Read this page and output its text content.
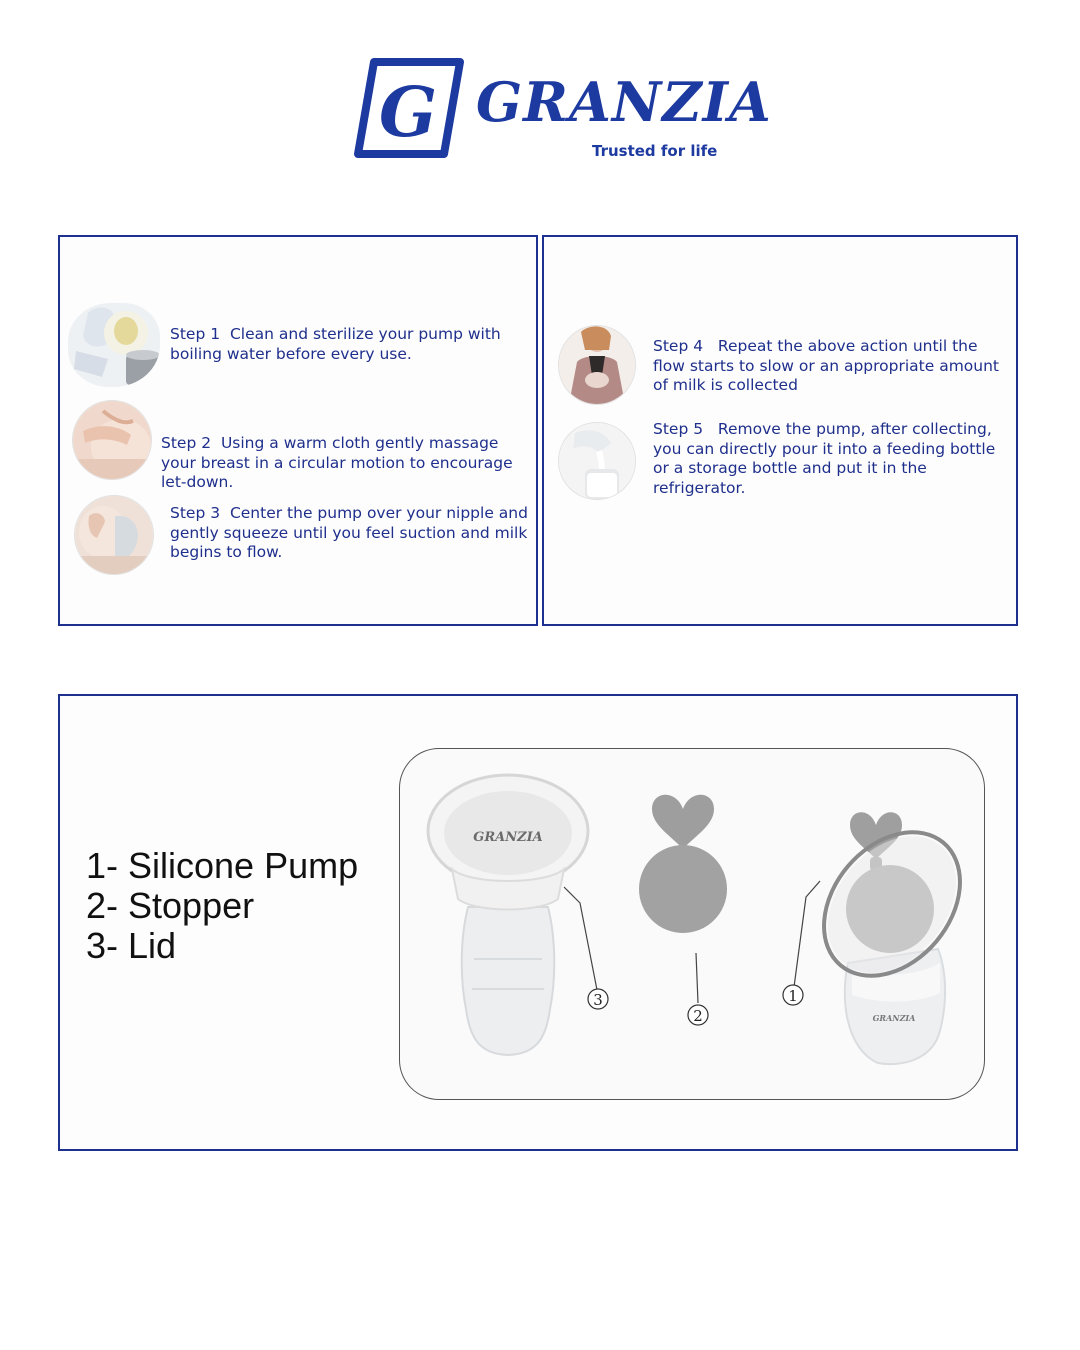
G GRANZIA
Trusted for life
Step 1 Clean and sterilize your pump with boiling water before every use.
Step 2 Using a warm cloth gently massage your breast in a circular motion to encourage let-down.
Step 3 Center the pump over your nipple and gently squeeze until you feel suction and milk begins to flow.
Step 4 Repeat the above action until the flow starts to slow or an appropriate amount of milk is collected
Step 5 Remove the pump, after collecting, you can directly pour it into a feeding bottle or a storage bottle and put it in the refrigerator.
1- Silicone Pump
2- Stopper
3- Lid
GRANZIA
GRANZIA
3
2
1
